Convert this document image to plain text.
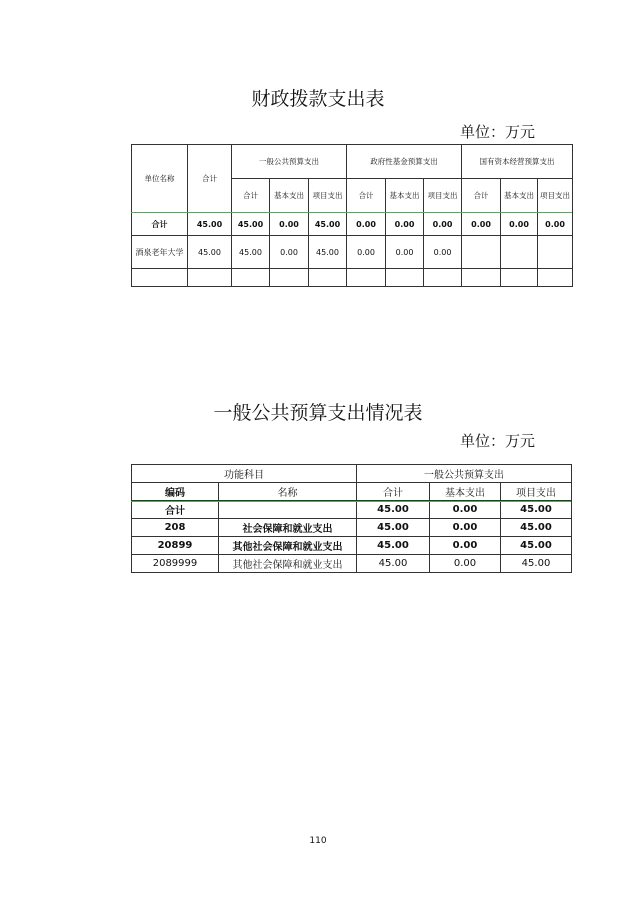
财政拨款支出表
单位：万元
单位名称	合计	一般公共预算支出			政府性基金预算支出			国有资本经营预算支出		
		合计	基本支出	项目支出	合计	基本支出	项目支出	合计	基本支出	项目支出
合计	45.00	45.00	0.00	45.00	0.00	0.00	0.00	0.00	0.00	0.00
酒泉老年大学	45.00	45.00	0.00	45.00	0.00	0.00	0.00			

一般公共预算支出情况表
单位：万元
功能科目		一般公共预算支出		
编码	名称	合计	基本支出	项目支出
合计		45.00	0.00	45.00
208	社会保障和就业支出	45.00	0.00	45.00
20899	其他社会保障和就业支出	45.00	0.00	45.00
2089999	其他社会保障和就业支出	45.00	0.00	45.00
110
